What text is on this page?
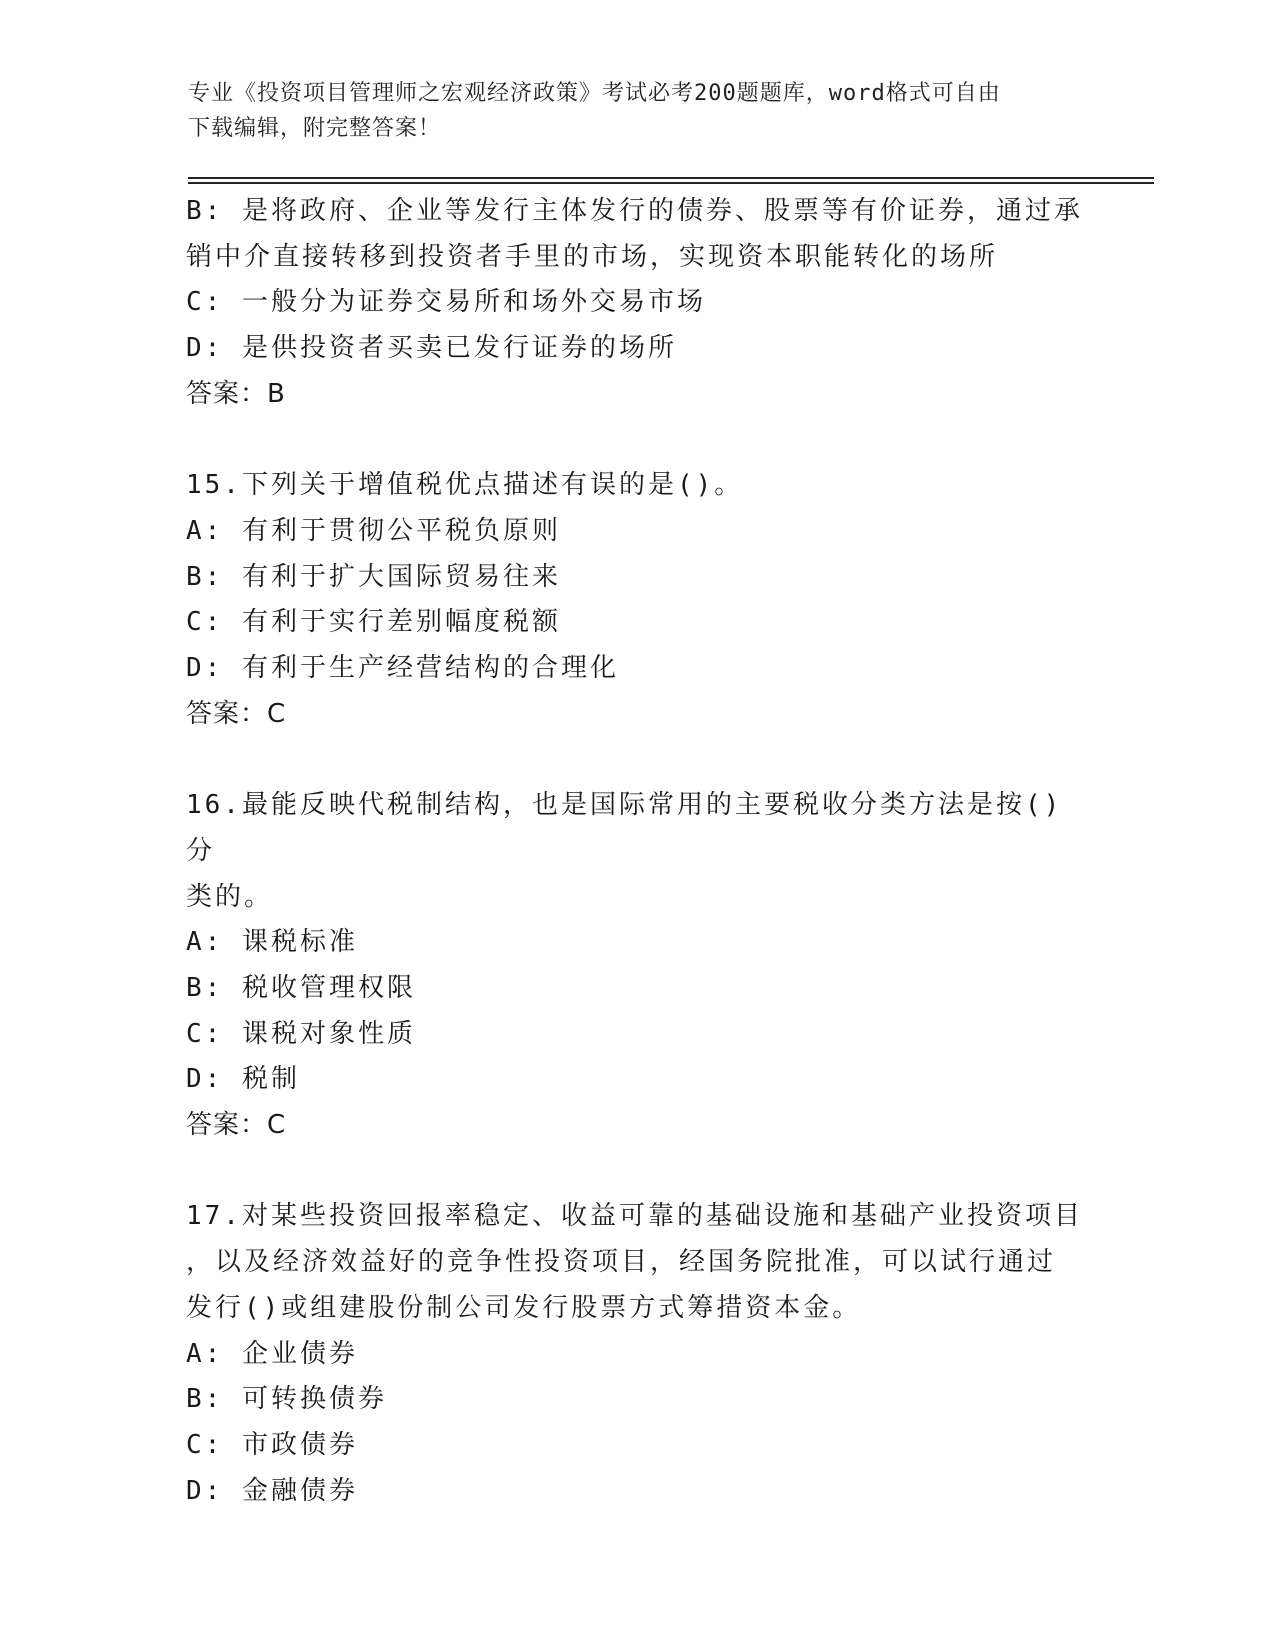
专业《投资项目管理师之宏观经济政策》考试必考200题题库，word格式可自由
下载编辑，附完整答案！
B: 是将政府、企业等发行主体发行的债券、股票等有价证券，通过承
销中介直接转移到投资者手里的市场，实现资本职能转化的场所
C: 一般分为证券交易所和场外交易市场
D: 是供投资者买卖已发行证券的场所
答案：B
15.下列关于增值税优点描述有误的是()。
A: 有利于贯彻公平税负原则
B: 有利于扩大国际贸易往来
C: 有利于实行差别幅度税额
D: 有利于生产经营结构的合理化
答案：C
16.最能反映代税制结构，也是国际常用的主要税收分类方法是按()分
类的。
A: 课税标准
B: 税收管理权限
C: 课税对象性质
D: 税制
答案：C
17.对某些投资回报率稳定、收益可靠的基础设施和基础产业投资项目
，以及经济效益好的竞争性投资项目，经国务院批准，可以试行通过
发行()或组建股份制公司发行股票方式筹措资本金。
A: 企业债券
B: 可转换债券
C: 市政债券
D: 金融债券
